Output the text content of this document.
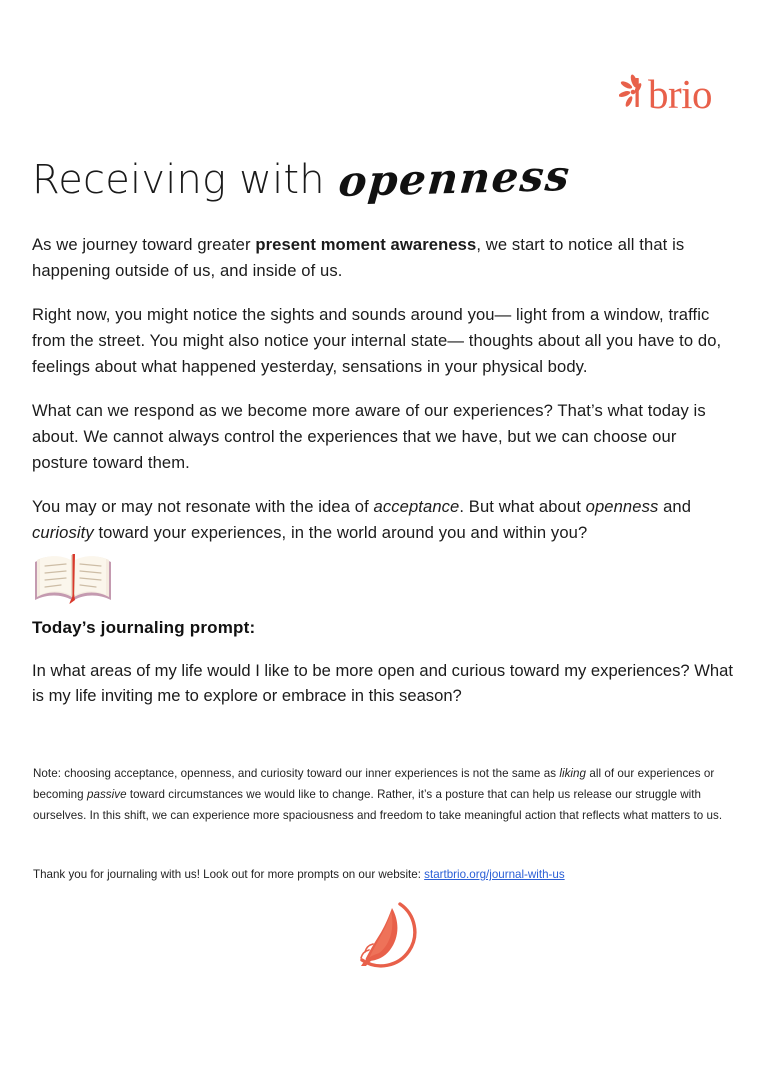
brio
Receiving with openness

As we journey toward greater present moment awareness, we start to notice all that is happening outside of us, and inside of us.

Right now, you might notice the sights and sounds around you— light from a window, traffic from the street. You might also notice your internal state— thoughts about all you have to do, feelings about what happened yesterday, sensations in your physical body.

What can we respond as we become more aware of our experiences? That’s what today is about. We cannot always control the experiences that we have, but we can choose our posture toward them.

You may or may not resonate with the idea of acceptance. But what about openness and curiosity toward your experiences, in the world around you and within you?

Today’s journaling prompt:
In what areas of my life would I like to be more open and curious toward my experiences? What is my life inviting me to explore or embrace in this season?
Note: choosing acceptance, openness, and curiosity toward our inner experiences is not the same as liking all of our experiences or becoming passive toward circumstances we would like to change. Rather, it’s a posture that can help us release our struggle with ourselves. In this shift, we can experience more spaciousness and freedom to take meaningful action that reflects what matters to us.
Thank you for journaling with us! Look out for more prompts on our website: startbrio.org/journal-with-us
